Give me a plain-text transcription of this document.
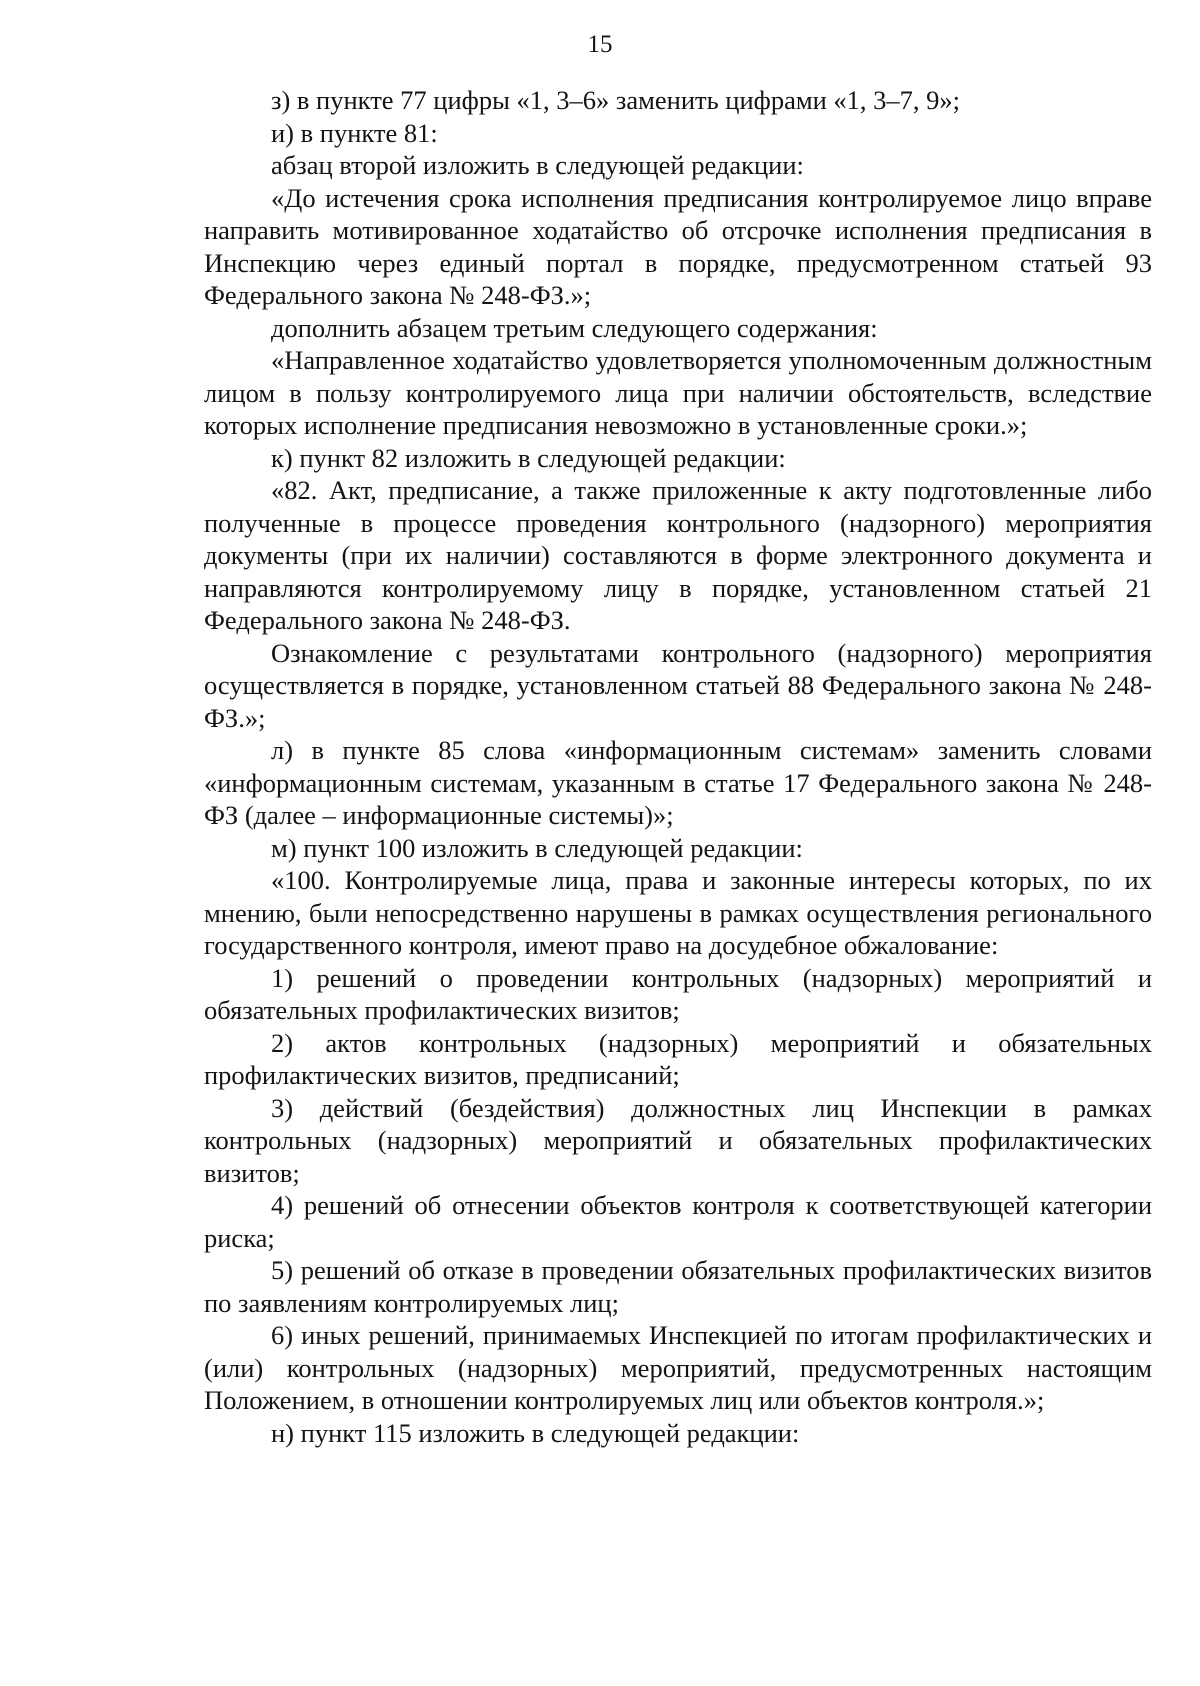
15

з) в пункте 77 цифры «1, 3–6» заменить цифрами «1, 3–7, 9»;

и) в пункте 81:

абзац второй изложить в следующей редакции:

«До истечения срока исполнения предписания контролируемое лицо вправе направить мотивированное ходатайство об отсрочке исполнения предписания в Инспекцию через единый портал в порядке, предусмотренном статьей 93 Федерального закона № 248-ФЗ.»;

дополнить абзацем третьим следующего содержания:

«Направленное ходатайство удовлетворяется уполномоченным должностным лицом в пользу контролируемого лица при наличии обстоятельств, вследствие которых исполнение предписания невозможно в установленные сроки.»;

к) пункт 82 изложить в следующей редакции:

«82. Акт, предписание, а также приложенные к акту подготовленные либо полученные в процессе проведения контрольного (надзорного) мероприятия документы (при их наличии) составляются в форме электронного документа и направляются контролируемому лицу в порядке, установленном статьей 21 Федерального закона № 248-ФЗ.

Ознакомление с результатами контрольного (надзорного) мероприятия осуществляется в порядке, установленном статьей 88 Федерального закона № 248-ФЗ.»;

л) в пункте 85 слова «информационным системам» заменить словами «информационным системам, указанным в статье 17 Федерального закона № 248-ФЗ (далее – информационные системы)»;

м) пункт 100 изложить в следующей редакции:

«100. Контролируемые лица, права и законные интересы которых, по их мнению, были непосредственно нарушены в рамках осуществления регионального государственного контроля, имеют право на досудебное обжалование:

1) решений о проведении контрольных (надзорных) мероприятий и обязательных профилактических визитов;

2) актов контрольных (надзорных) мероприятий и обязательных профилактических визитов, предписаний;

3) действий (бездействия) должностных лиц Инспекции в рамках контрольных (надзорных) мероприятий и обязательных профилактических визитов;

4) решений об отнесении объектов контроля к соответствующей категории риска;

5) решений об отказе в проведении обязательных профилактических визитов по заявлениям контролируемых лиц;

6) иных решений, принимаемых Инспекцией по итогам профилактических и (или) контрольных (надзорных) мероприятий, предусмотренных настоящим Положением, в отношении контролируемых лиц или объектов контроля.»;

н) пункт 115 изложить в следующей редакции:
